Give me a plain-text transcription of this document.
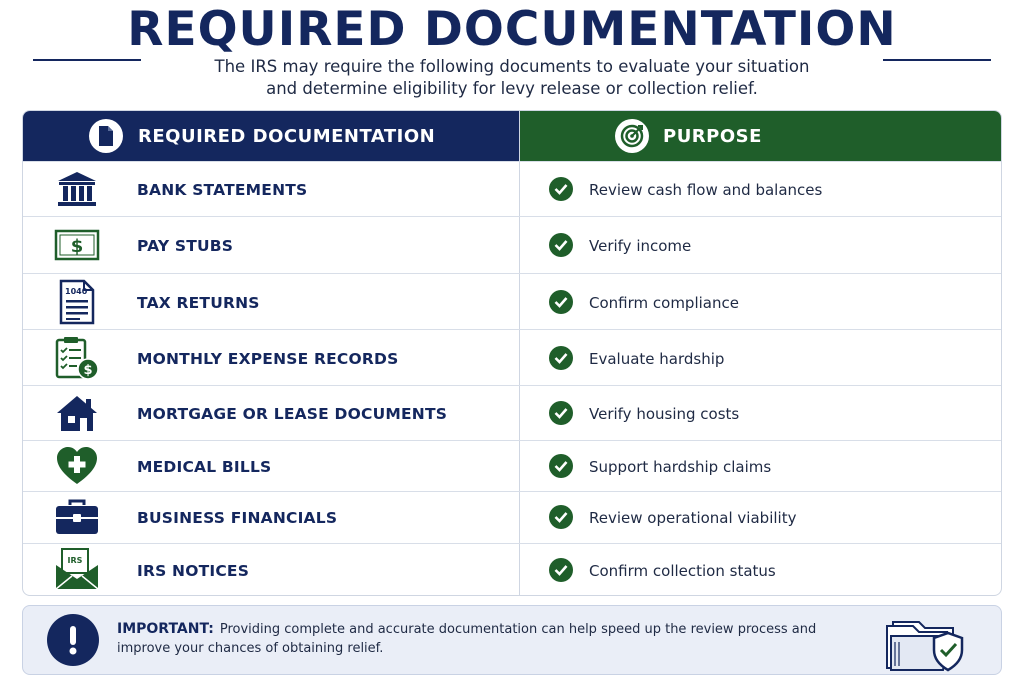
REQUIRED DOCUMENTATION
The IRS may require the following documents to evaluate your situation
and determine eligibility for levy release or collection relief.
REQUIRED DOCUMENTATION	PURPOSE
BANK STATEMENTS	Review cash flow and balances
$	PAY STUBS	Verify income
1040
TAX RETURNS	Confirm compliance
$
MONTHLY EXPENSE RECORDS	Evaluate hardship
MORTGAGE OR LEASE DOCUMENTS	Verify housing costs
MEDICAL BILLS	Support hardship claims
BUSINESS FINANCIALS	Review operational viability
IRS
IRS NOTICES	Confirm collection status
IMPORTANT: Providing complete and accurate documentation can help speed up the review process and improve your chances of obtaining relief.
